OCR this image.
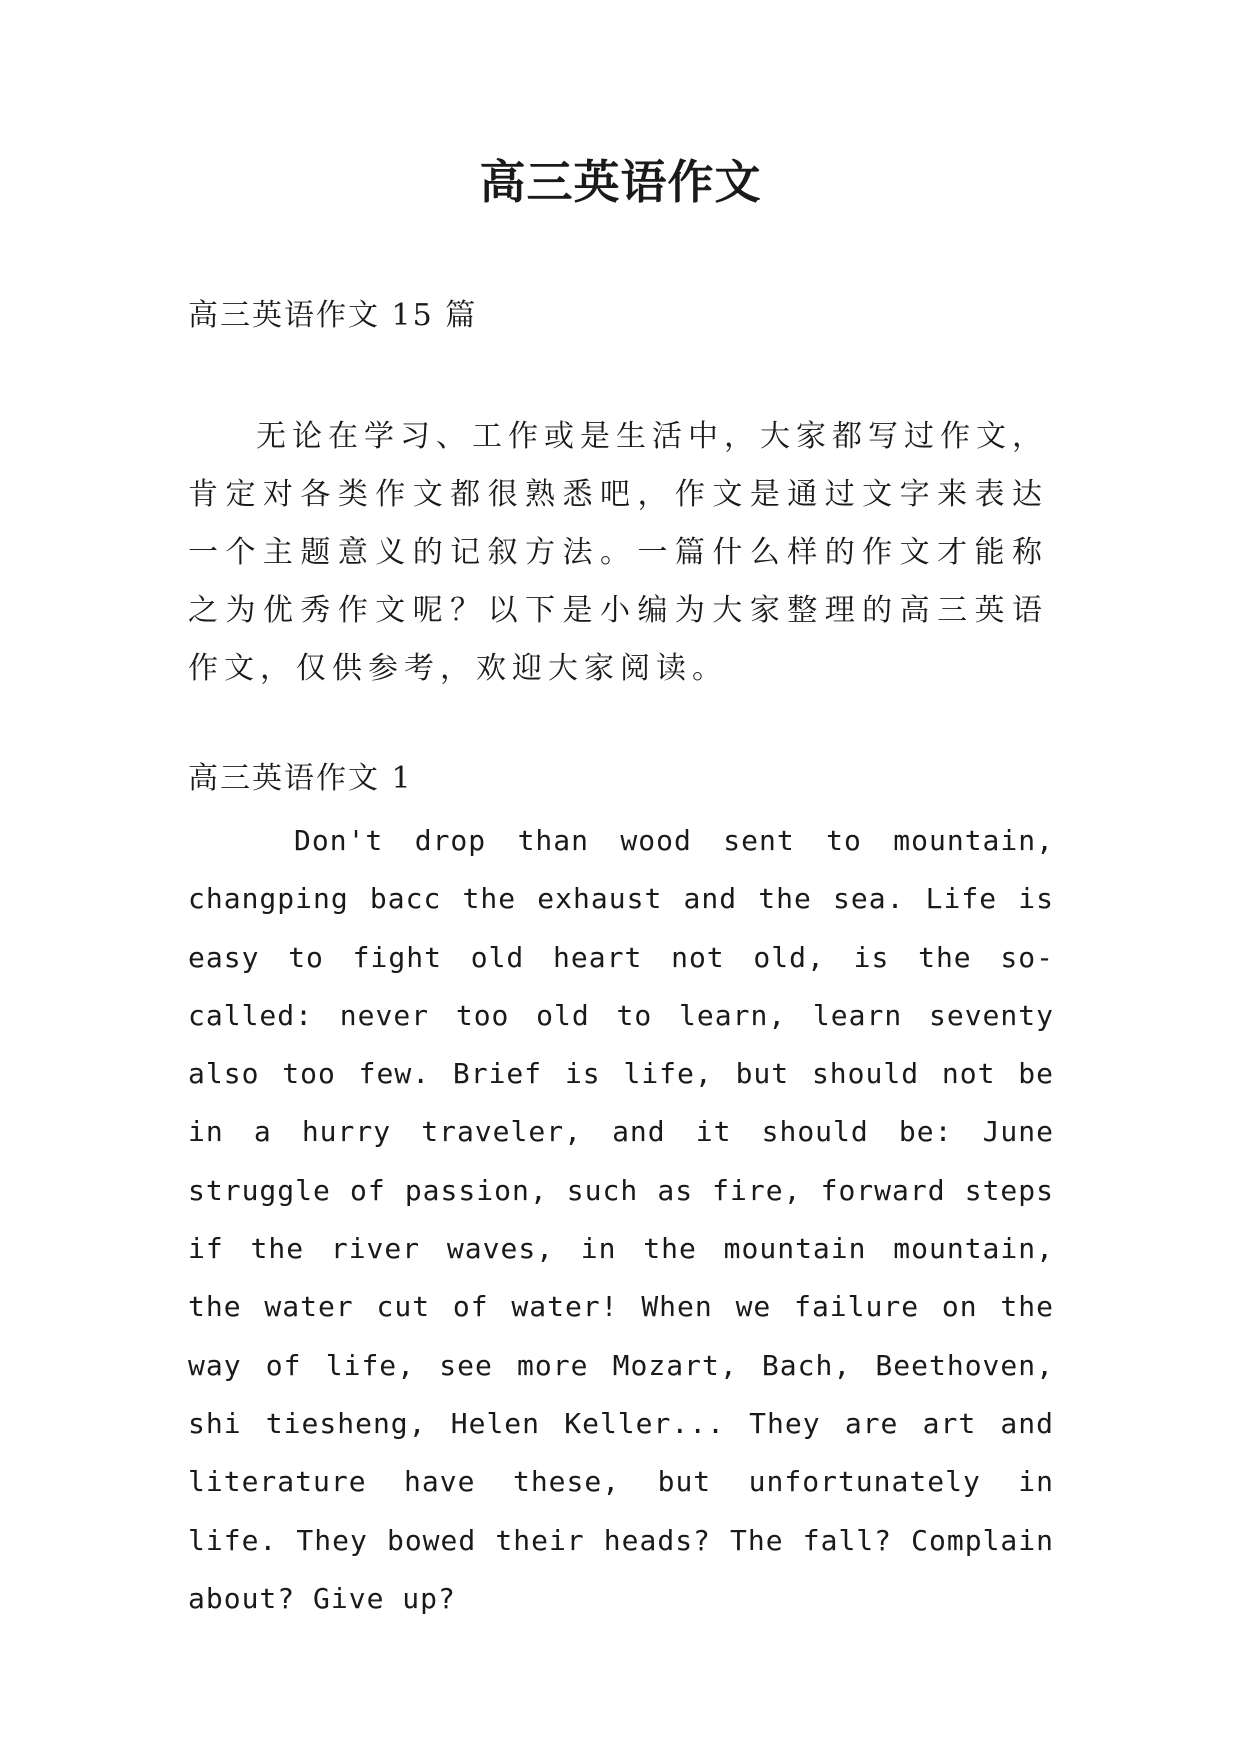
高三英语作文

高三英语作文 15 篇

无论在学习、工作或是生活中，大家都写过作文，肯定对各类作文都很熟悉吧，作文是通过文字来表达一个主题意义的记叙方法。一篇什么样的作文才能称之为优秀作文呢？以下是小编为大家整理的高三英语作文，仅供参考，欢迎大家阅读。

高三英语作文 1

Don't drop than wood sent to mountain, changping bacc the exhaust and the sea. Life is easy to fight old heart not old, is the so-called: never too old to learn, learn seventy also too few. Brief is life, but should not be in a hurry traveler, and it should be: June struggle of passion, such as fire, forward steps if the river waves, in the mountain mountain, the water cut of water! When we failure on the way of life, see more Mozart, Bach, Beethoven, shi tiesheng, Helen Keller... They are art and literature have these, but unfortunately in life. They bowed their heads? The fall? Complain about? Give up?
